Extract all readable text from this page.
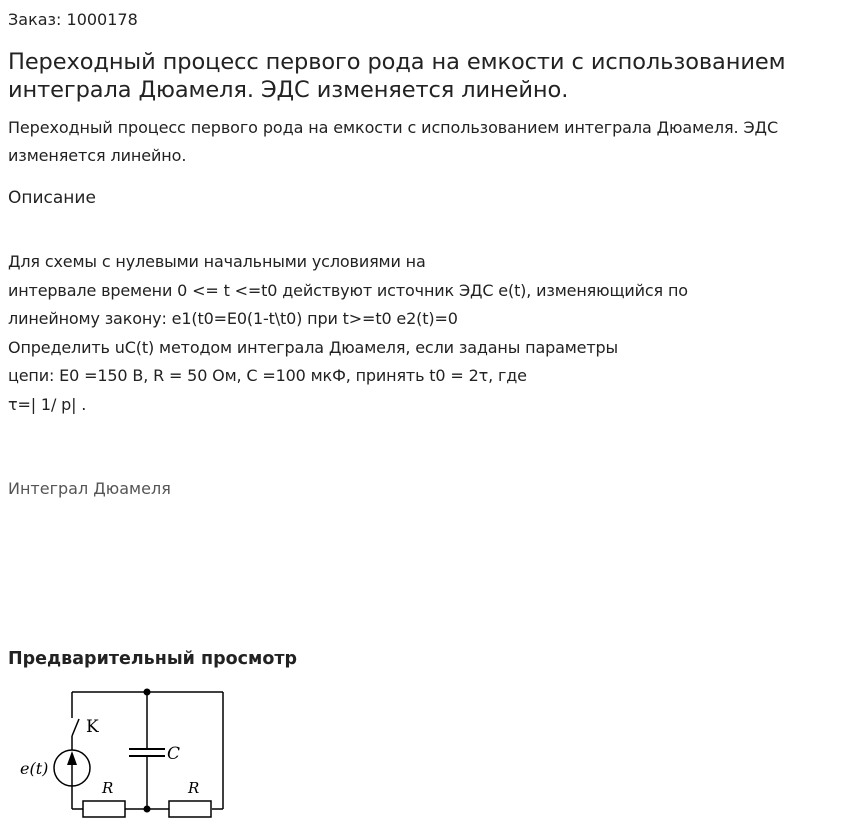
Заказ: 1000178
Переходный процесс первого рода на емкости с использованием интеграла Дюамеля. ЭДС изменяется линейно.
Переходный процесс первого рода на емкости с использованием интеграла Дюамеля. ЭДС изменяется линейно.
Описание
Для схемы с нулевыми начальными условиями на
интервале времени 0 <= t <=t0 действуют источник ЭДС e(t), изменяющийся по
линейному закону: e1(t0=E0(1-t\t0) при t>=t0 e2(t)=0
Определить uC(t) методом интеграла Дюамеля, если заданы параметры
цепи: E0 =150 В, R = 50 Ом, C =100 мкФ, принять t0 = 2τ, где
τ=| 1/ p| .
Интеграл Дюамеля
Предварительный просмотр
K
C
R	R
e(t)
